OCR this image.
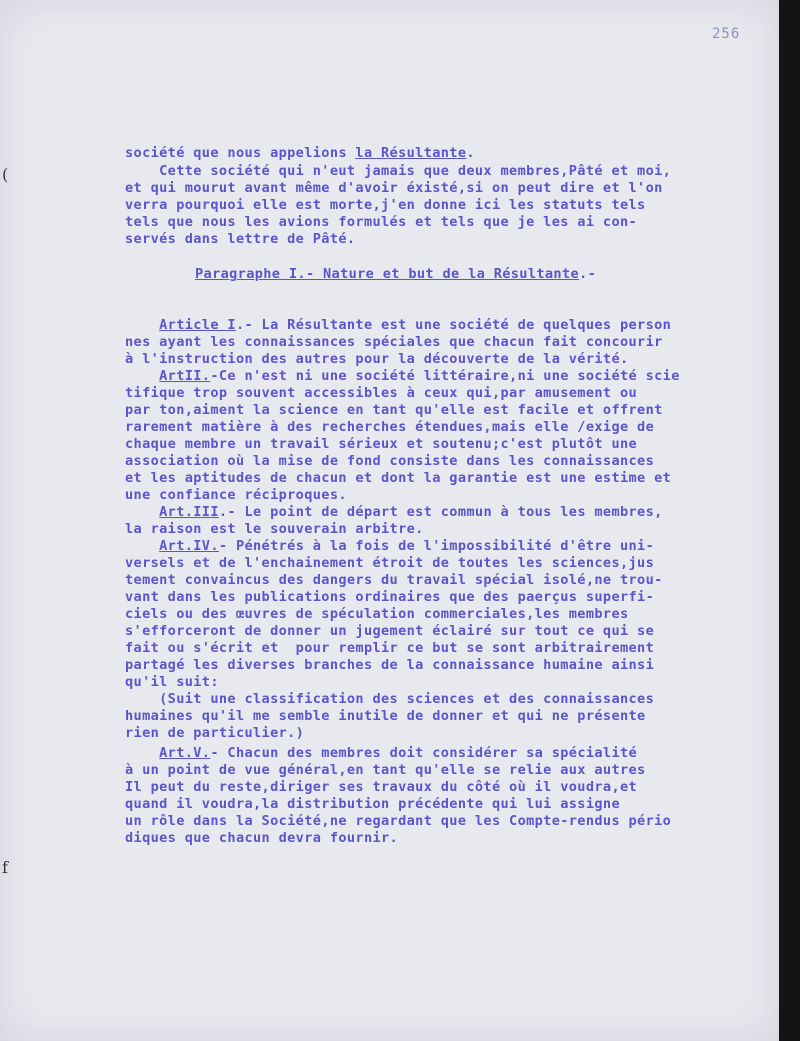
256
(
f
société que nous appelions la Résultante.
Cette société qui n'eut jamais que deux membres,Pâté et moi,
et qui mourut avant même d'avoir éxisté,si on peut dire et l'on
verra pourquoi elle est morte,j'en donne ici les statuts tels
tels que nous les avions formulés et tels que je les ai con-
servés dans lettre de Pâté.
Paragraphe I.- Nature et but de la Résultante.-
Article I.- La Résultante est une société de quelques person
nes ayant les connaissances spéciales que chacun fait concourir
à l'instruction des autres pour la découverte de la vérité.
ArtII.-Ce n'est ni une société littéraire,ni une société scie
tifique trop souvent accessibles à ceux qui,par amusement ou
par ton,aiment la science en tant qu'elle est facile et offrent
rarement matière à des recherches étendues,mais elle /exige de
chaque membre un travail sérieux et soutenu;c'est plutôt une
association où la mise de fond consiste dans les connaissances
et les aptitudes de chacun et dont la garantie est une estime et
une confiance réciproques.
Art.III.- Le point de départ est commun à tous les membres,
la raison est le souverain arbitre.
Art.IV.- Pénétrés à la fois de l'impossibilité d'être uni-
versels et de l'enchainement étroit de toutes les sciences,jus
tement convaincus des dangers du travail spécial isolé,ne trou-
vant dans les publications ordinaires que des paerçus superfi-
ciels ou des œuvres de spéculation commerciales,les membres
s'efforceront de donner un jugement éclairé sur tout ce qui se
fait ou s'écrit et  pour remplir ce but se sont arbitrairement
partagé les diverses branches de la connaissance humaine ainsi
qu'il suit:
(Suit une classification des sciences et des connaissances
humaines qu'il me semble inutile de donner et qui ne présente
rien de particulier.)
Art.V.- Chacun des membres doit considérer sa spécialité
à un point de vue général,en tant qu'elle se relie aux autres
Il peut du reste,diriger ses travaux du côté où il voudra,et
quand il voudra,la distribution précédente qui lui assigne
un rôle dans la Société,ne regardant que les Compte-rendus pério
diques que chacun devra fournir.
